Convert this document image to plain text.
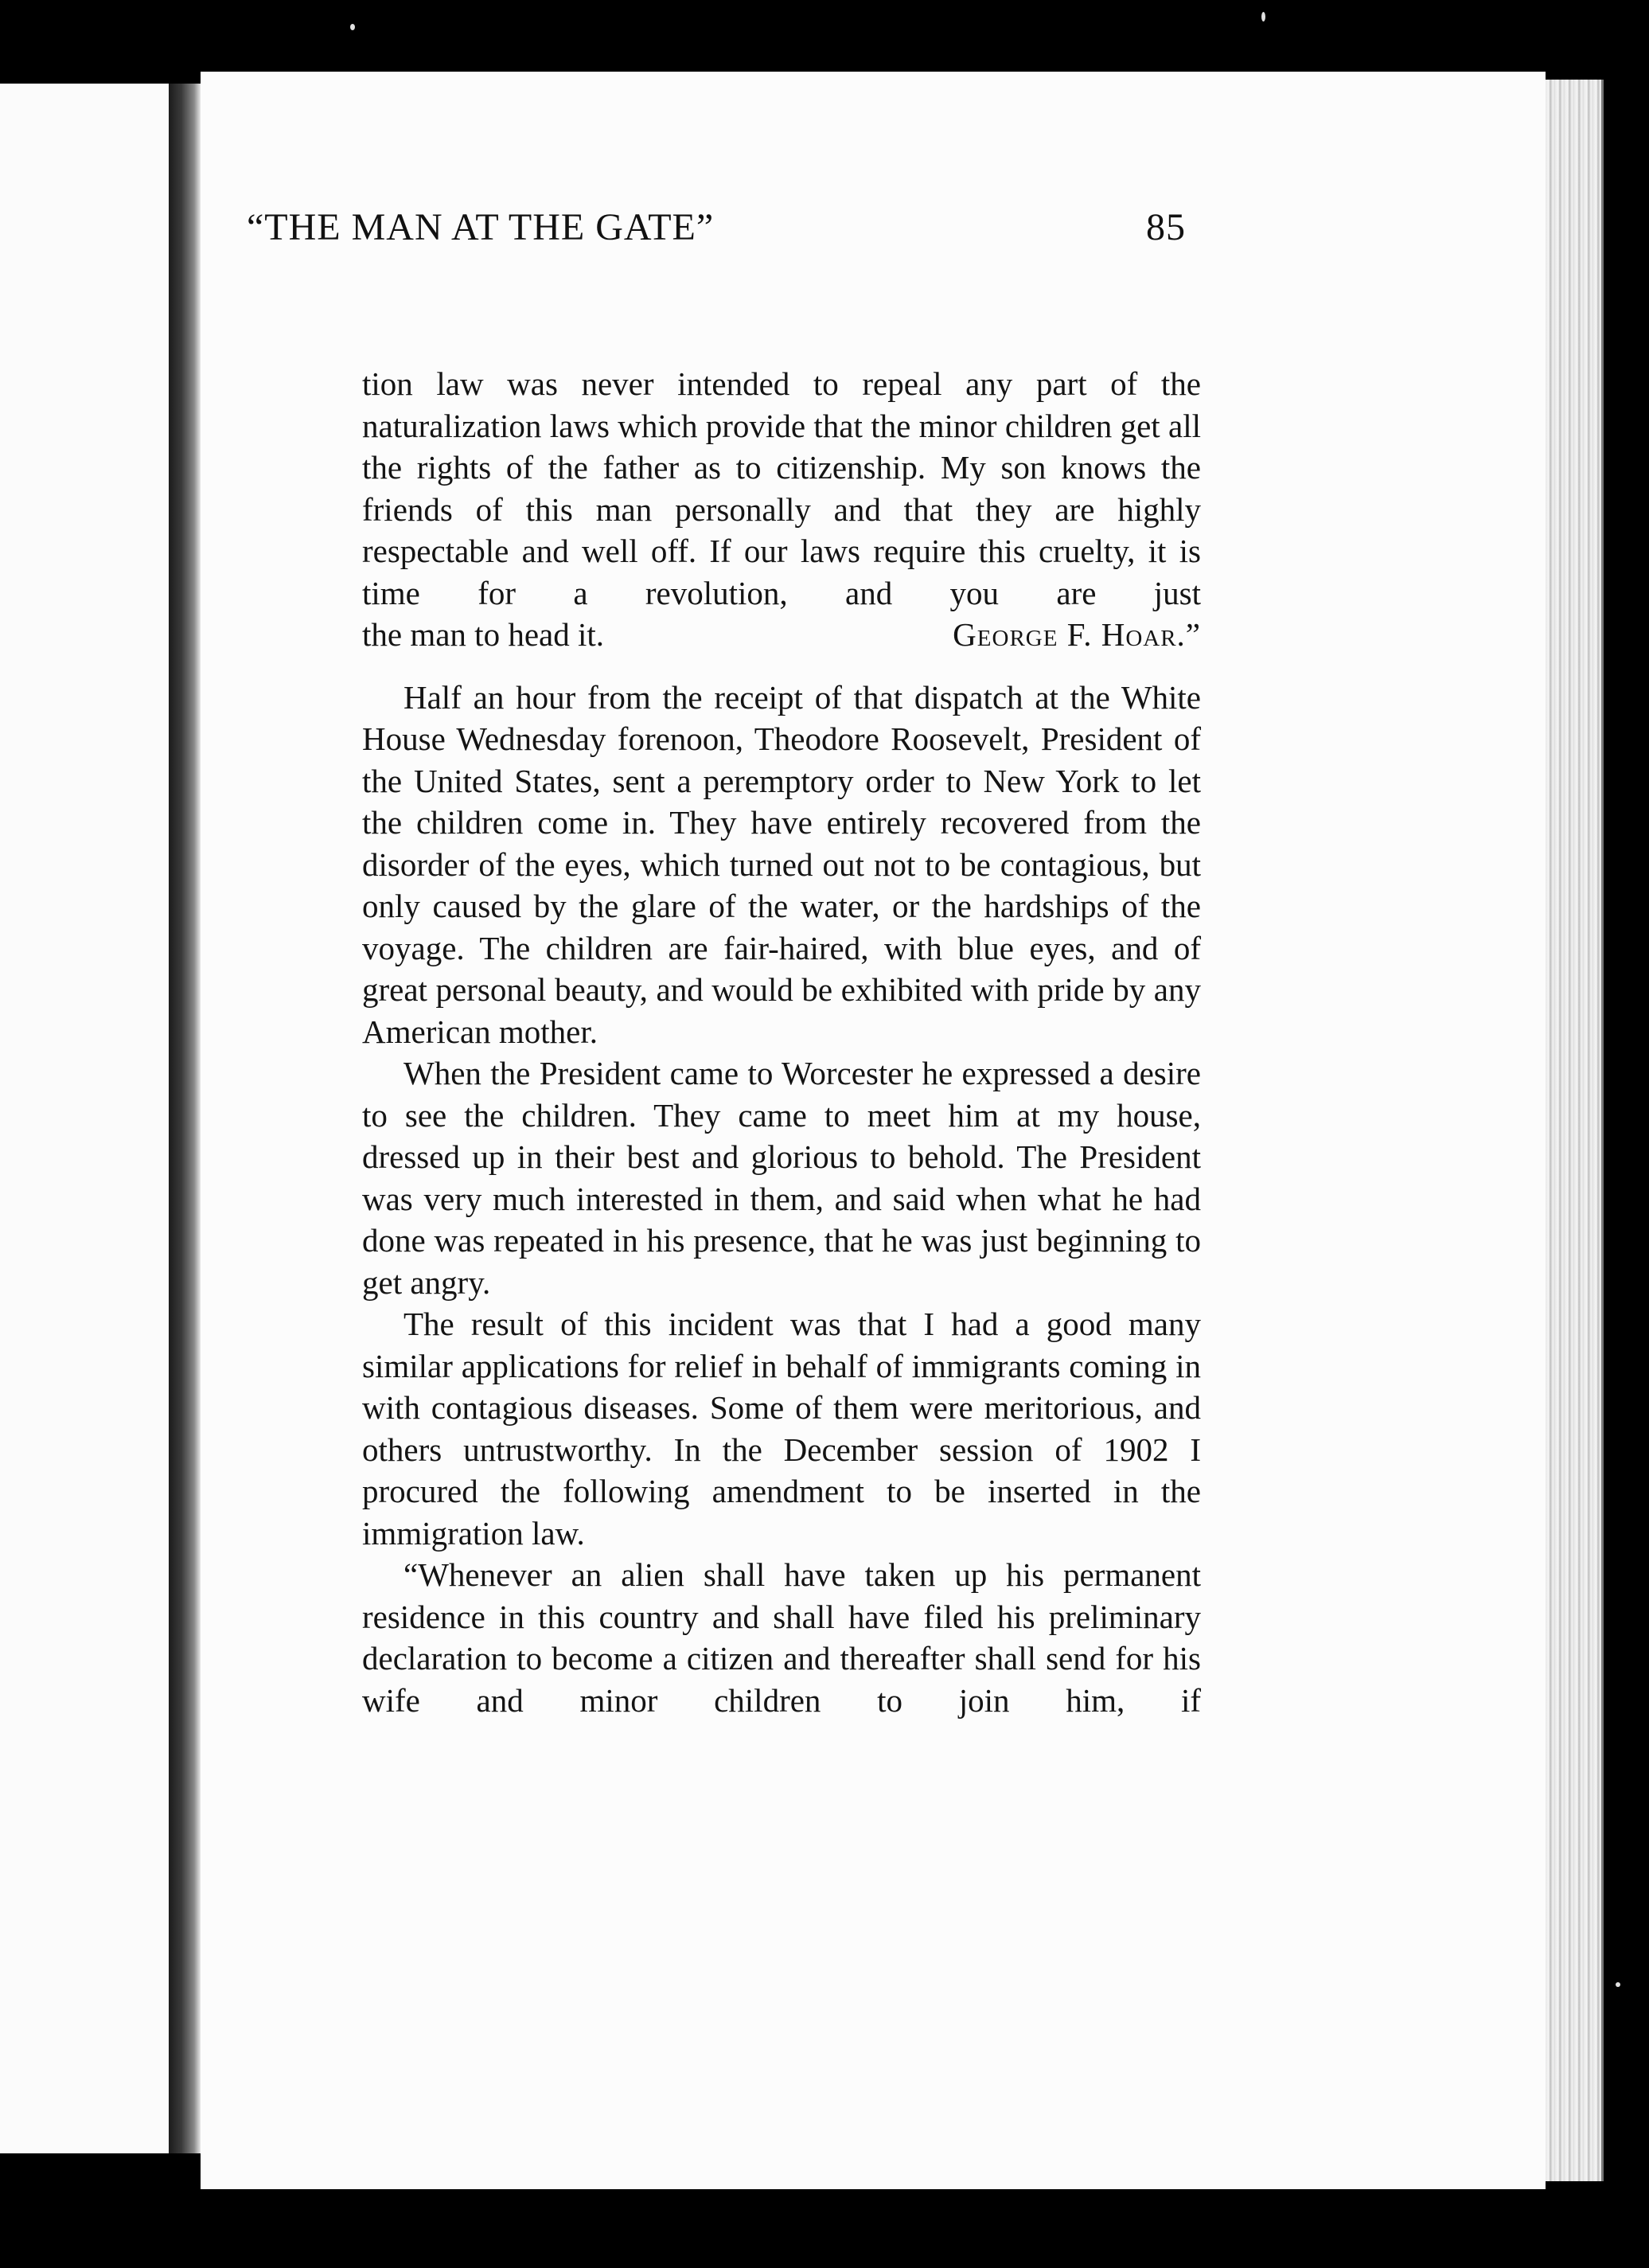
“THE MAN AT THE GATE”	85

tion law was never intended to repeal any part of the naturalization laws which provide that the minor children get all the rights of the father as to citizenship. My son knows the friends of this man personally and that they are highly respectable and well off. If our laws require this cruelty, it is time for a revolution, and you are just

the man to head it.	George F. Hoar.”

Half an hour from the receipt of that dispatch at the White House Wednesday forenoon, Theodore Roosevelt, President of the United States, sent a peremptory order to New York to let the children come in. They have entirely recovered from the disorder of the eyes, which turned out not to be contagious, but only caused by the glare of the water, or the hardships of the voyage. The children are fair-haired, with blue eyes, and of great personal beauty, and would be exhibited with pride by any American mother.

When the President came to Worcester he expressed a desire to see the children. They came to meet him at my house, dressed up in their best and glorious to behold. The President was very much interested in them, and said when what he had done was repeated in his presence, that he was just beginning to get angry.

The result of this incident was that I had a good many similar applications for relief in behalf of immigrants coming in with contagious diseases. Some of them were meritorious, and others untrustworthy. In the December session of 1902 I procured the following amendment to be inserted in the immigration law.

“Whenever an alien shall have taken up his permanent residence in this country and shall have filed his preliminary declaration to become a citizen and thereafter shall send for his wife and minor children to join him, if
